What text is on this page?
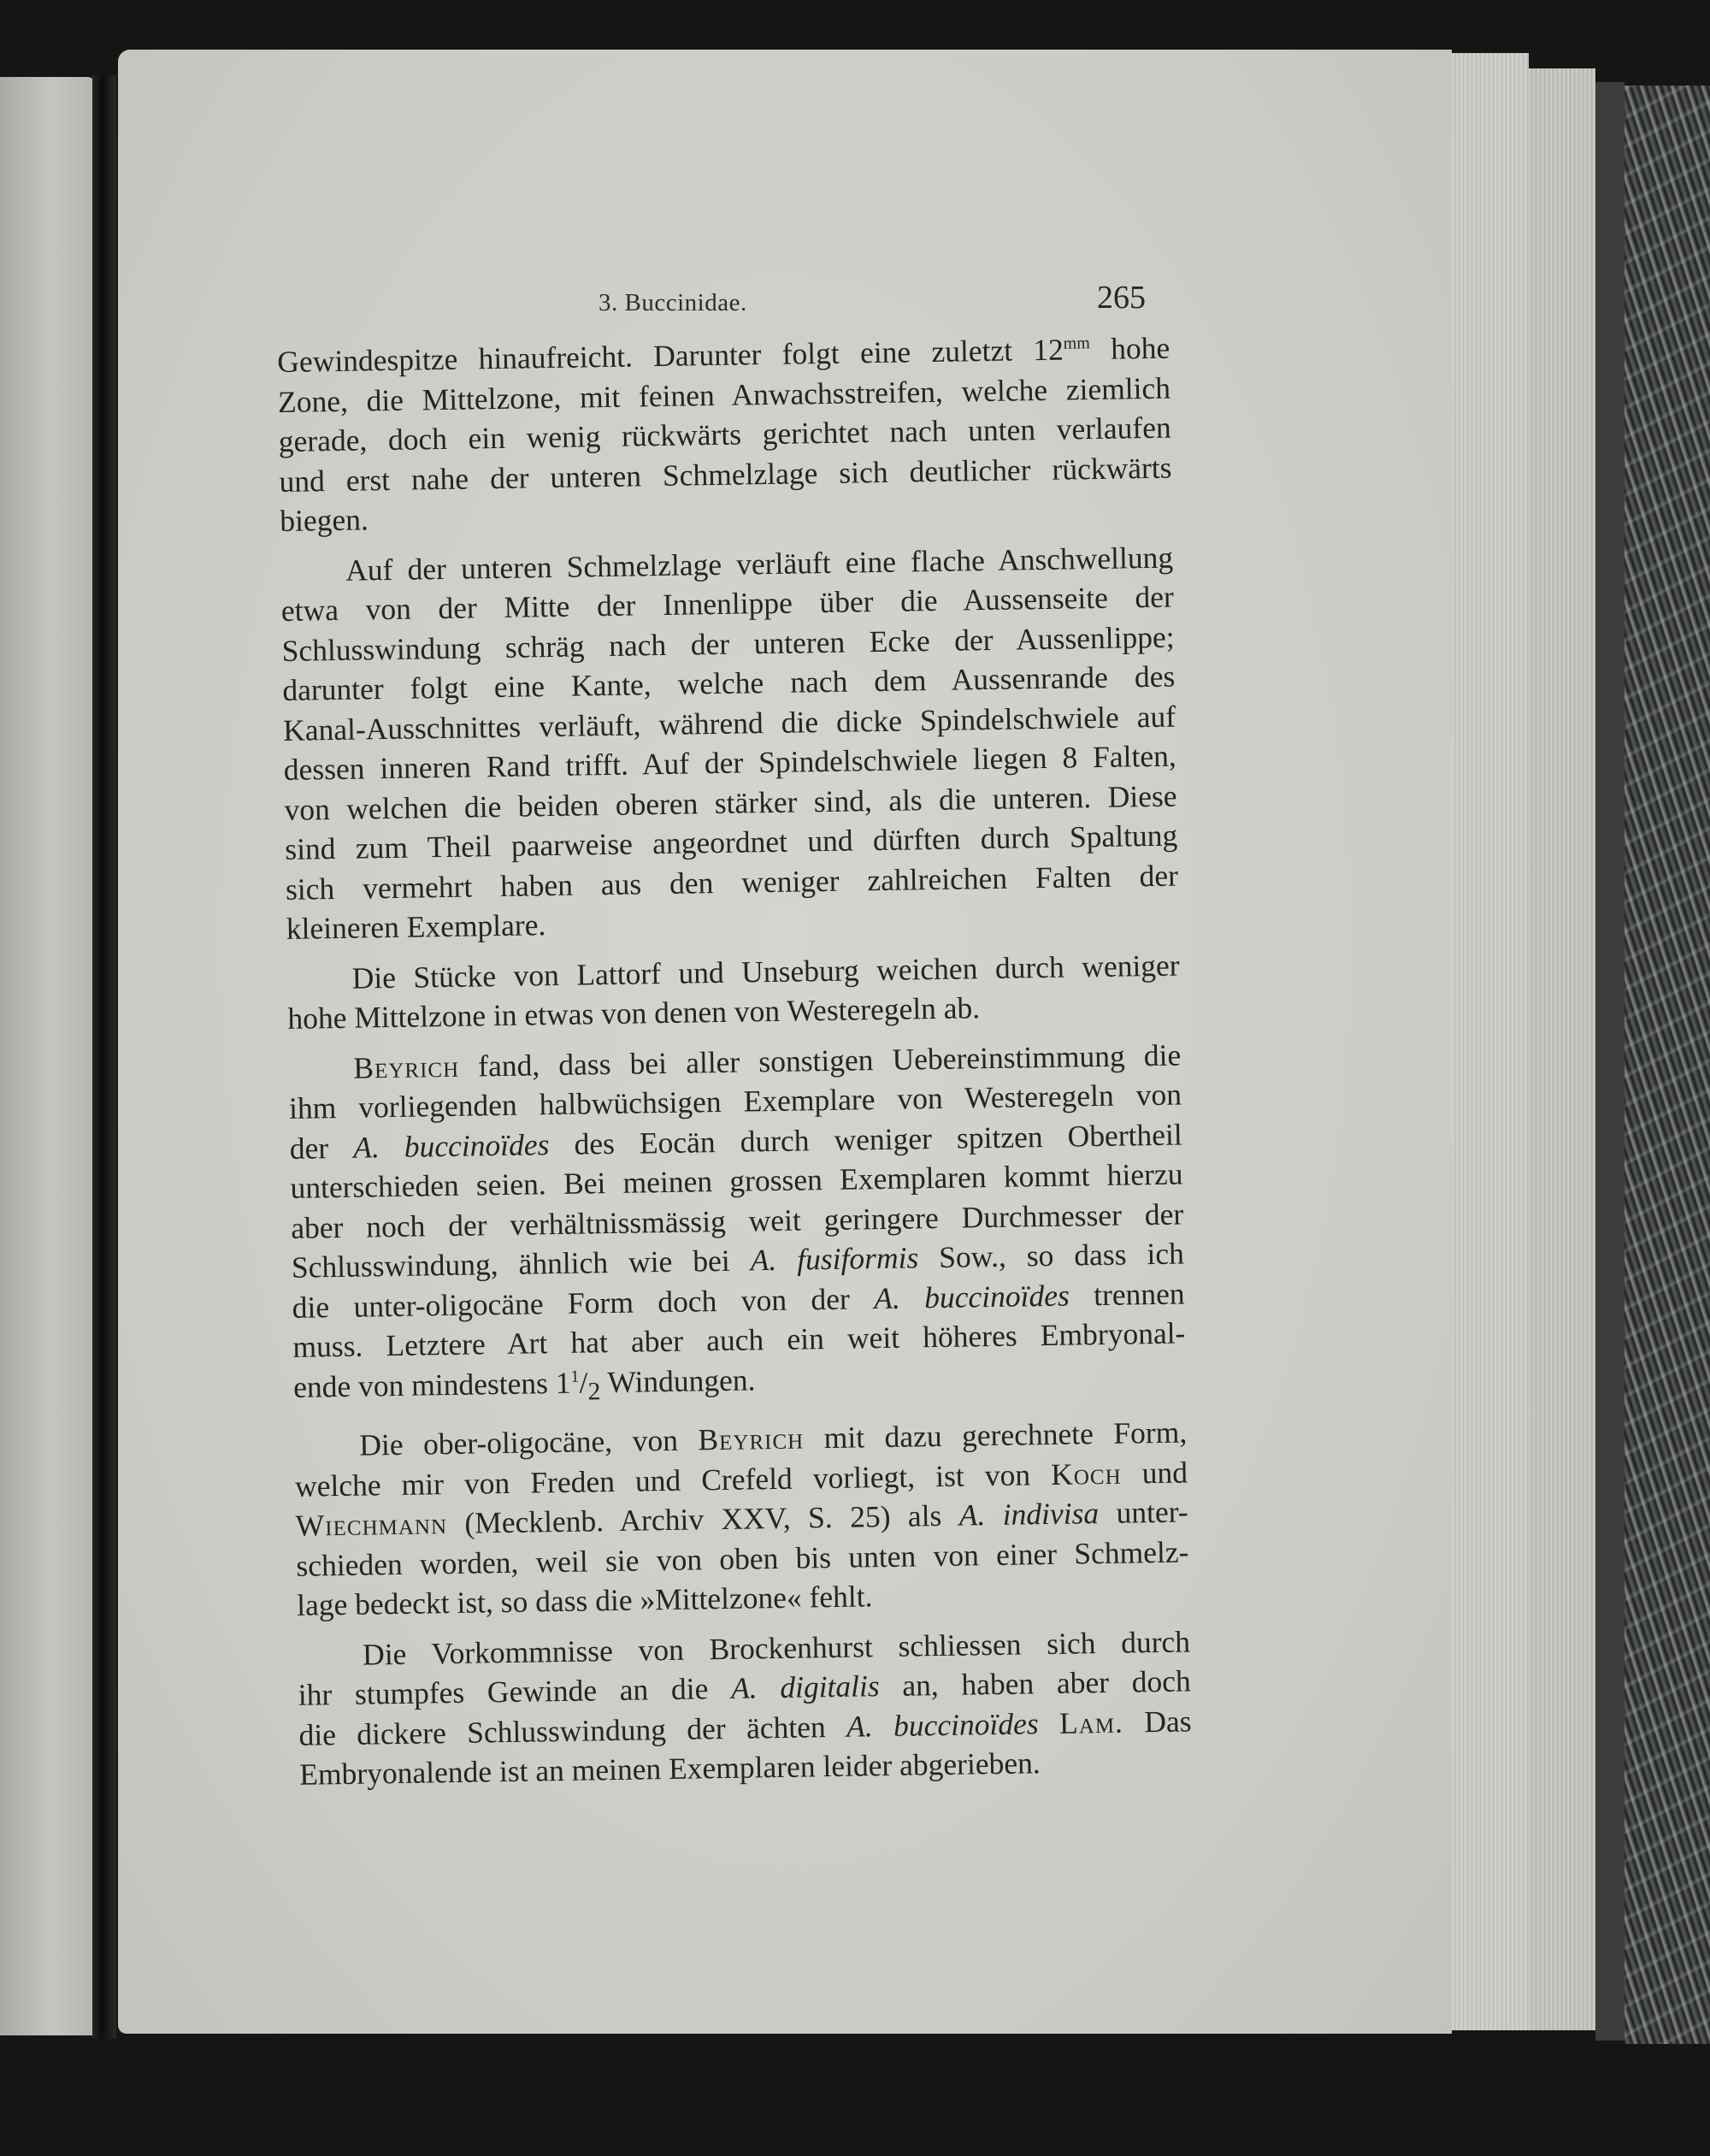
3. Buccinidae.	265
Gewindespitze hinaufreicht. Darunter folgt eine zuletzt $12^{mm}$ hohe
Zone, die Mittelzone, mit feinen Anwachsstreifen, welche ziemlich
gerade, doch ein wenig rückwärts gerichtet nach unten verlaufen
und erst nahe der unteren Schmelzlage sich deutlicher rückwärts
biegen.
Auf der unteren Schmelzlage verläuft eine flache Anschwellung
etwa von der Mitte der Innenlippe über die Aussenseite der
Schlusswindung schräg nach der unteren Ecke der Aussenlippe;
darunter folgt eine Kante, welche nach dem Aussenrande des
Kanal-Ausschnittes verläuft, während die dicke Spindelschwiele auf
dessen inneren Rand trifft. Auf der Spindelschwiele liegen 8 Falten,
von welchen die beiden oberen stärker sind, als die unteren. Diese
sind zum Theil paarweise angeordnet und dürften durch Spaltung
sich vermehrt haben aus den weniger zahlreichen Falten der
kleineren Exemplare.
Die Stücke von Lattorf und Unseburg weichen durch weniger
hohe Mittelzone in etwas von denen von Westeregeln ab.
Beyrich fand, dass bei aller sonstigen Uebereinstimmung die
ihm vorliegenden halbwüchsigen Exemplare von Westeregeln von
der A. buccinoïdes des Eocän durch weniger spitzen Obertheil
unterschieden seien. Bei meinen grossen Exemplaren kommt hierzu
aber noch der verhältnissmässig weit geringere Durchmesser der
Schlusswindung, ähnlich wie bei A. fusiformis Sow., so dass ich
die unter-oligocäne Form doch von der A. buccinoïdes trennen
muss. Letztere Art hat aber auch ein weit höheres Embryonal-
ende von mindestens $1^1/_2$ Windungen.
Die ober-oligocäne, von Beyrich mit dazu gerechnete Form,
welche mir von Freden und Crefeld vorliegt, ist von Koch und
Wiechmann (Mecklenb. Archiv XXV, S. 25) als A. indivisa unter-
schieden worden, weil sie von oben bis unten von einer Schmelz-
lage bedeckt ist, so dass die »Mittelzone« fehlt.
Die Vorkommnisse von Brockenhurst schliessen sich durch
ihr stumpfes Gewinde an die A. digitalis an, haben aber doch
die dickere Schlusswindung der ächten A. buccinoïdes Lam. Das
Embryonalende ist an meinen Exemplaren leider abgerieben.
